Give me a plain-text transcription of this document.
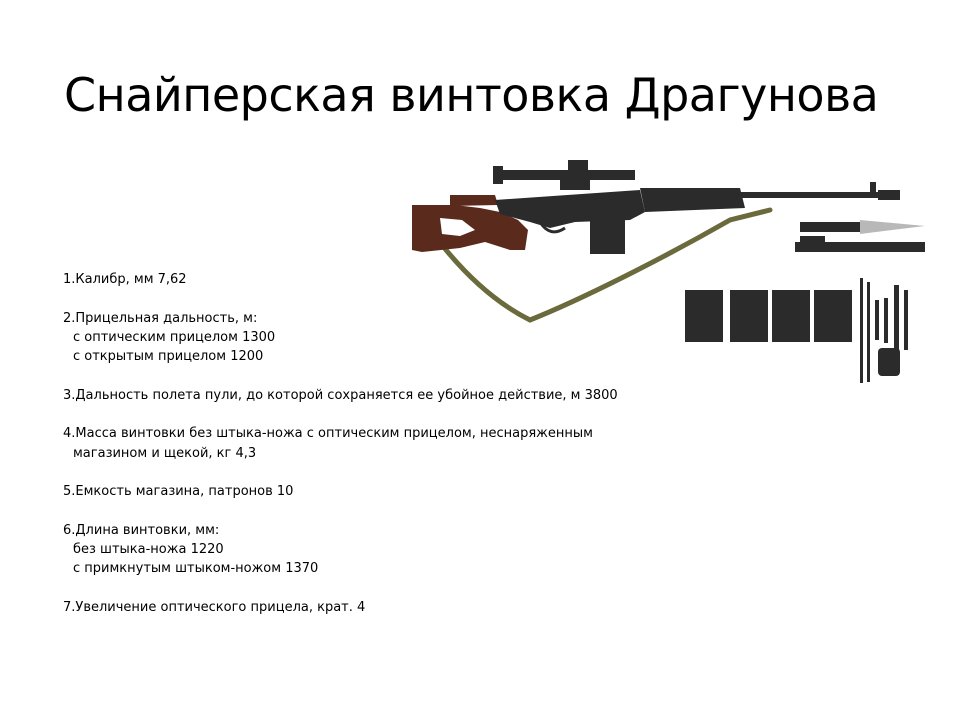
Снайперская винтовка Драгунова
1.Калибр, мм 7,62
2.Прицельная дальность, м:
с оптическим прицелом 1300
с открытым прицелом 1200
3.Дальность полета пули, до которой сохраняется ее убойное действие, м 3800
4.Масса винтовки без штыка-ножа с оптическим прицелом, неснаряженным
магазином и щекой, кг 4,3
5.Емкость магазина, патронов 10
6.Длина винтовки, мм:
без штыка-ножа 1220
с примкнутым штыком-ножом 1370
7.Увеличение оптического прицела, крат. 4
